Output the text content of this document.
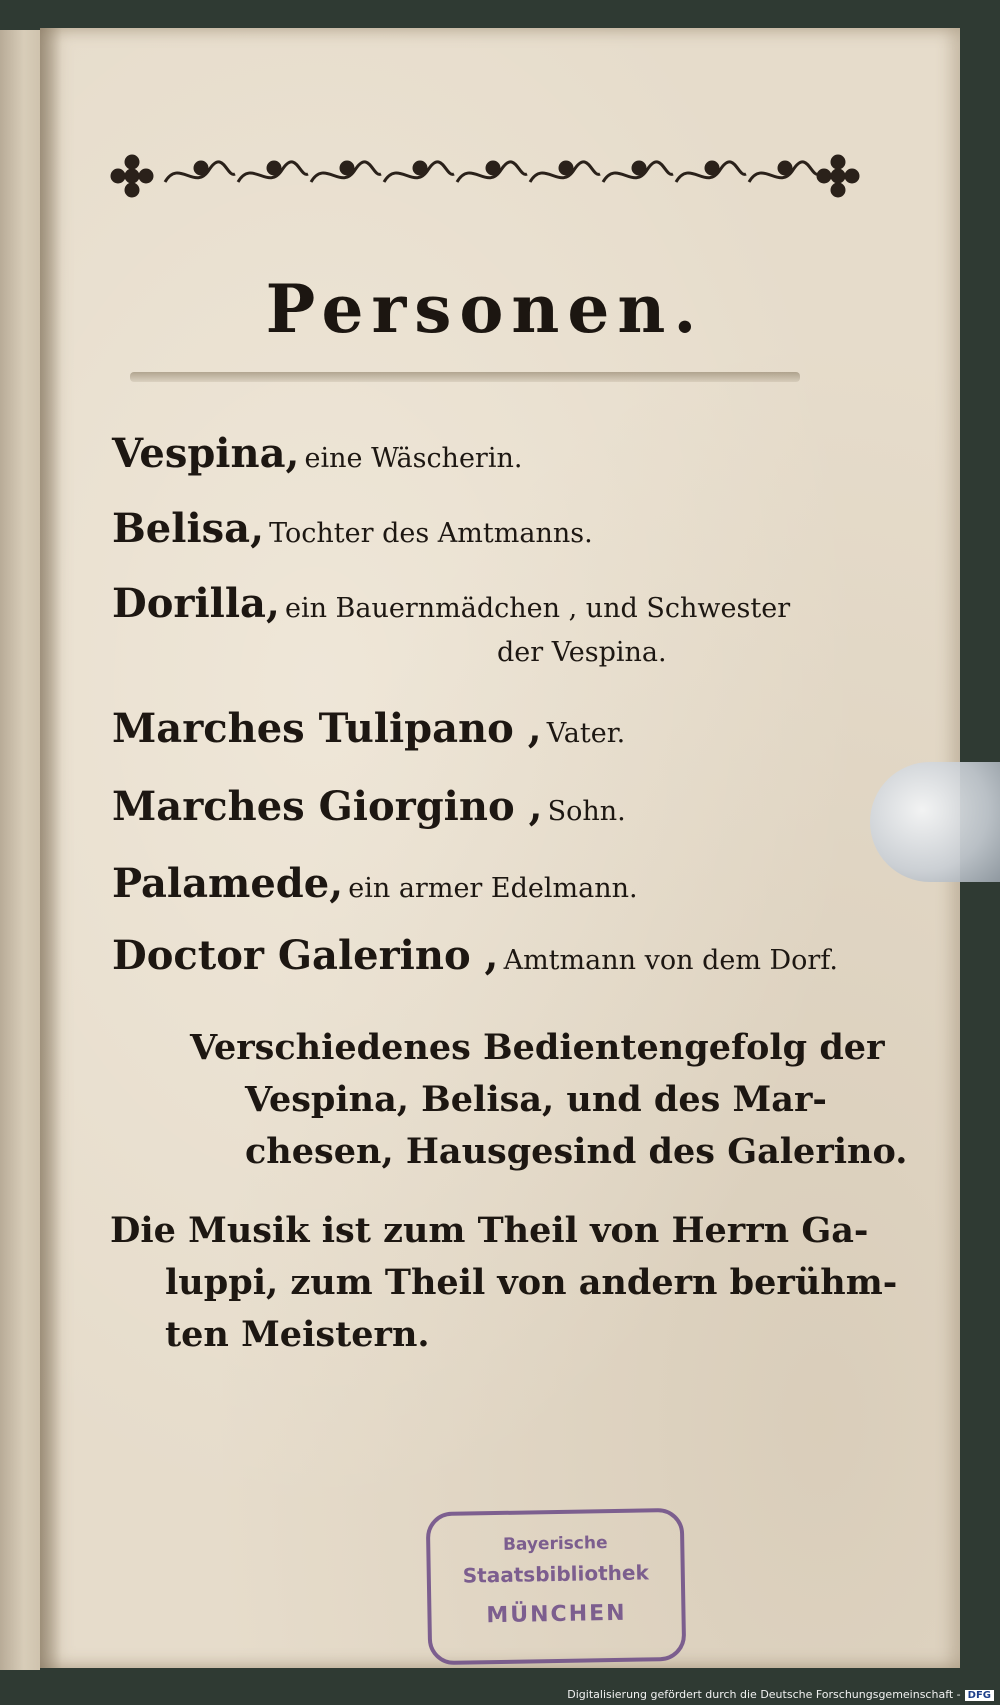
Personen.
Vespina, eine Wäscherin.
Belisa, Tochter des Amtmanns.
Dorilla, ein Bauernmädchen , und Schwester
der Vespina.
Marches Tulipano , Vater.
Marches Giorgino , Sohn.
Palamede, ein armer Edelmann.
Doctor Galerino , Amtmann von dem Dorf.
Verschiedenes Bedientengefolg der
Vespina, Belisa, und des Mar-
chesen, Hausgesind des Galerino.
Die Musik ist zum Theil von Herrn Ga-
luppi, zum Theil von andern berühm-
ten Meistern.
Bayerische
Staatsbibliothek
MÜNCHEN
Digitalisierung gefördert durch die Deutsche Forschungsgemeinschaft - DFG
